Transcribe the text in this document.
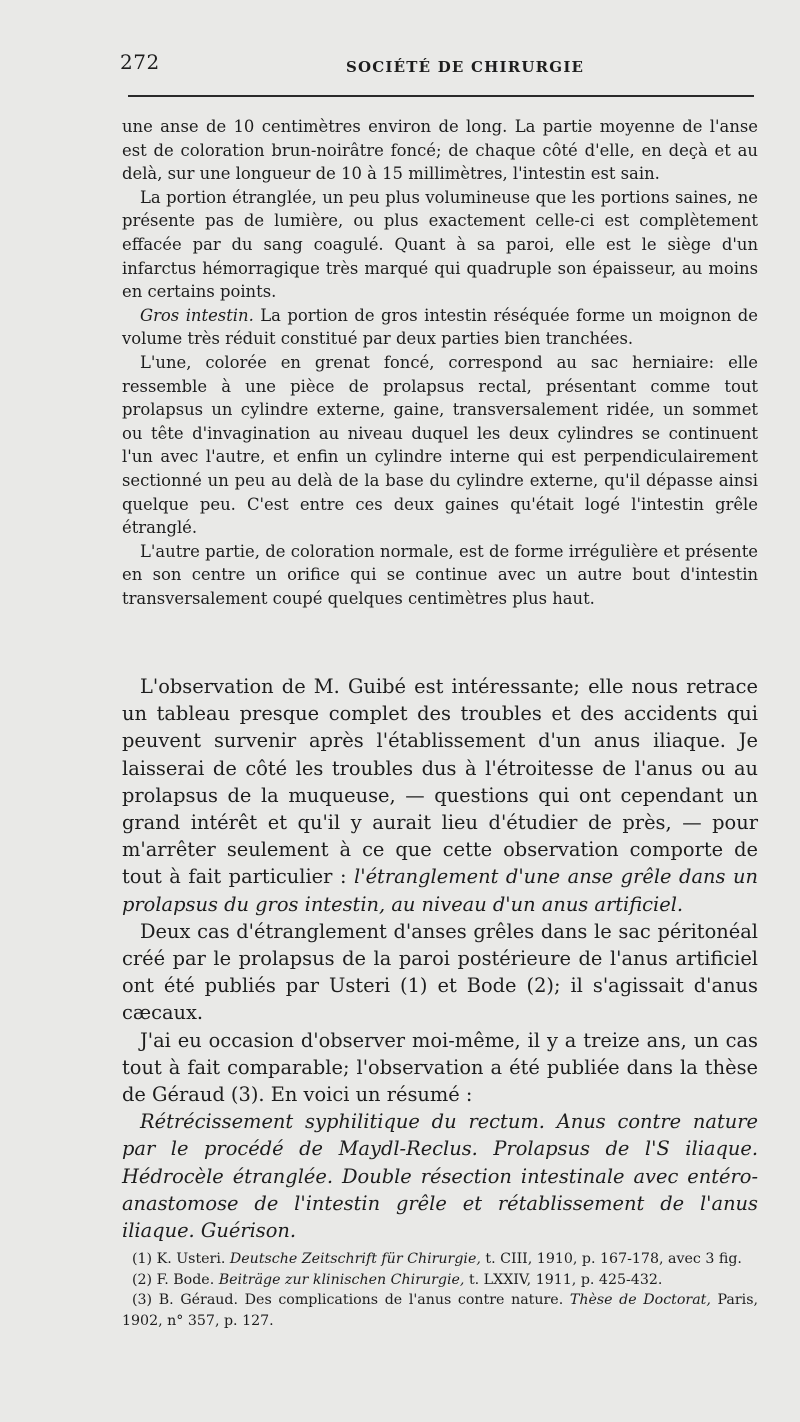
272	SOCIÉTÉ DE CHIRURGIE

une anse de 10 centimètres environ de long. La partie moyenne de l'anse est de coloration brun-noirâtre foncé; de chaque côté d'elle, en deçà et au delà, sur une longueur de 10 à 15 millimètres, l'intestin est sain.

La portion étranglée, un peu plus volumineuse que les portions saines, ne présente pas de lumière, ou plus exactement celle-ci est complètement effacée par du sang coagulé. Quant à sa paroi, elle est le siège d'un infarctus hémorragique très marqué qui quadruple son épaisseur, au moins en certains points.

Gros intestin. La portion de gros intestin réséquée forme un moignon de volume très réduit constitué par deux parties bien tranchées.

L'une, colorée en grenat foncé, correspond au sac herniaire: elle ressemble à une pièce de prolapsus rectal, présentant comme tout prolapsus un cylindre externe, gaine, transversalement ridée, un sommet ou tête d'invagination au niveau duquel les deux cylindres se continuent l'un avec l'autre, et enfin un cylindre interne qui est perpendiculairement sectionné un peu au delà de la base du cylindre externe, qu'il dépasse ainsi quelque peu. C'est entre ces deux gaines qu'était logé l'intestin grêle étranglé.

L'autre partie, de coloration normale, est de forme irrégulière et présente en son centre un orifice qui se continue avec un autre bout d'intestin transversalement coupé quelques centimètres plus haut.

L'observation de M. Guibé est intéressante; elle nous retrace un tableau presque complet des troubles et des accidents qui peuvent survenir après l'établissement d'un anus iliaque. Je laisserai de côté les troubles dus à l'étroitesse de l'anus ou au prolapsus de la muqueuse, — questions qui ont cependant un grand intérêt et qu'il y aurait lieu d'étudier de près, — pour m'arrêter seulement à ce que cette observation comporte de tout à fait particulier : l'étranglement d'une anse grêle dans un prolapsus du gros intestin, au niveau d'un anus artificiel.

Deux cas d'étranglement d'anses grêles dans le sac péritonéal créé par le prolapsus de la paroi postérieure de l'anus artificiel ont été publiés par Usteri (1) et Bode (2); il s'agissait d'anus cæcaux.

J'ai eu occasion d'observer moi-même, il y a treize ans, un cas tout à fait comparable; l'observation a été publiée dans la thèse de Géraud (3). En voici un résumé :

Rétrécissement syphilitique du rectum. Anus contre nature par le procédé de Maydl-Reclus. Prolapsus de l'S iliaque. Hédrocèle étranglée. Double résection intestinale avec entéro-anastomose de l'intestin grêle et rétablissement de l'anus iliaque. Guérison.

(1) K. Usteri. Deutsche Zeitschrift für Chirurgie, t. CIII, 1910, p. 167-178, avec 3 fig.

(2) F. Bode. Beiträge zur klinischen Chirurgie, t. LXXIV, 1911, p. 425-432.

(3) B. Géraud. Des complications de l'anus contre nature. Thèse de Doctorat, Paris, 1902, n° 357, p. 127.
